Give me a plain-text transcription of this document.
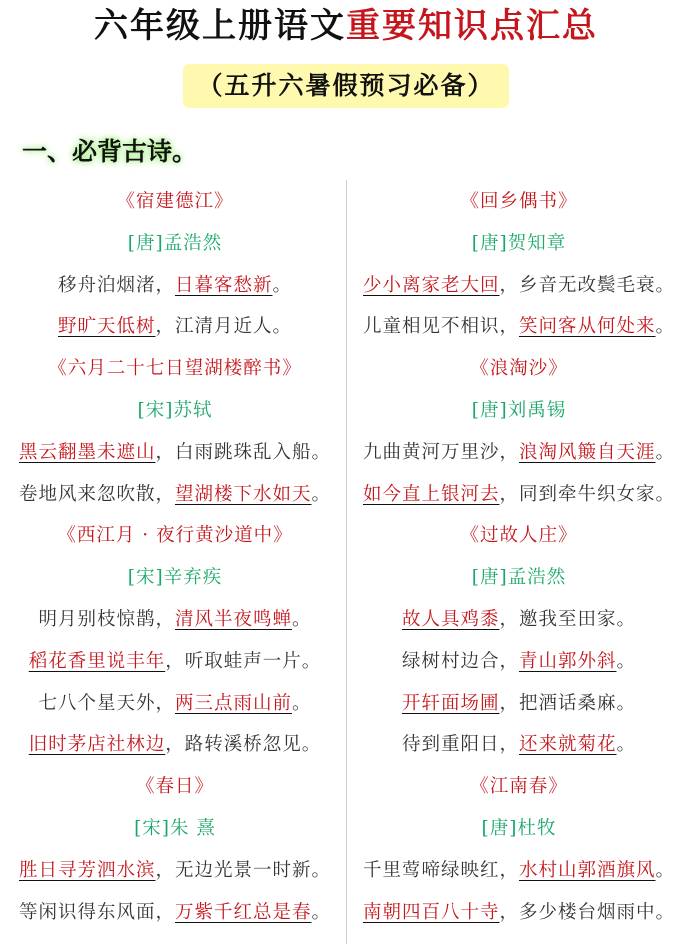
六年级上册语文重要知识点汇总
（五升六暑假预习必备）
一、必背古诗。
《宿建德江》
[唐]孟浩然
移舟泊烟渚，日暮客愁新。
野旷天低树，江清月近人。
《六月二十七日望湖楼醉书》
[宋]苏轼
黑云翻墨未遮山，白雨跳珠乱入船。
卷地风来忽吹散，望湖楼下水如天。
《西江月 · 夜行黄沙道中》
[宋]辛弃疾
明月别枝惊鹊，清风半夜鸣蝉。
稻花香里说丰年，听取蛙声一片。
七八个星天外，两三点雨山前。
旧时茅店社林边，路转溪桥忽见。
《春日》
[宋]朱 熹
胜日寻芳泗水滨，无边光景一时新。
等闲识得东风面，万紫千红总是春。
《回乡偶书》
[唐]贺知章
少小离家老大回，乡音无改鬓毛衰。
儿童相见不相识，笑问客从何处来。
《浪淘沙》
[唐]刘禹锡
九曲黄河万里沙，浪淘风簸自天涯。
如今直上银河去，同到牵牛织女家。
《过故人庄》
[唐]孟浩然
故人具鸡黍，邀我至田家。
绿树村边合，青山郭外斜。
开轩面场圃，把酒话桑麻。
待到重阳日，还来就菊花。
《江南春》
[唐]杜牧
千里莺啼绿映红，水村山郭酒旗风。
南朝四百八十寺，多少楼台烟雨中。
